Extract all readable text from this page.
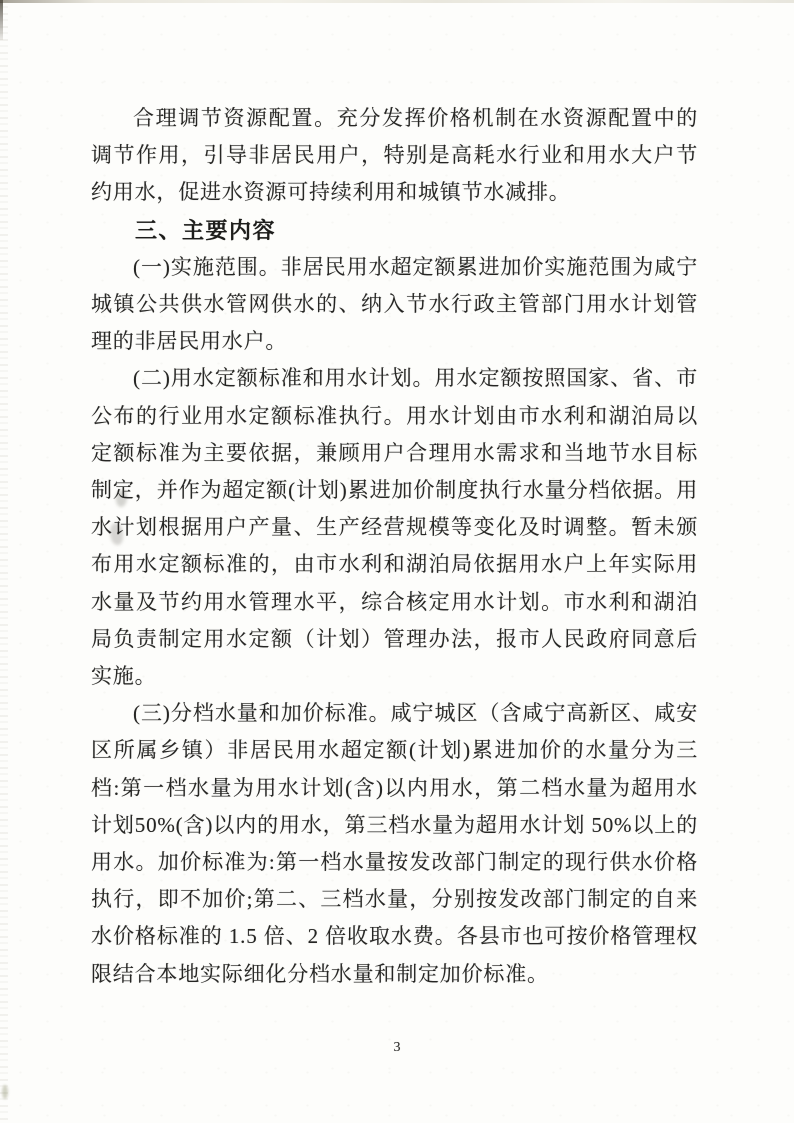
合理调节资源配置。充分发挥价格机制在水资源配置中的调节作用，引导非居民用户，特别是高耗水行业和用水大户节约用水，促进水资源可持续利用和城镇节水减排。

三、主要内容

(一)实施范围。非居民用水超定额累进加价实施范围为咸宁城镇公共供水管网供水的、纳入节水行政主管部门用水计划管理的非居民用水户。

(二)用水定额标准和用水计划。用水定额按照国家、省、市公布的行业用水定额标准执行。用水计划由市水利和湖泊局以定额标准为主要依据，兼顾用户合理用水需求和当地节水目标制定，并作为超定额(计划)累进加价制度执行水量分档依据。用水计划根据用户产量、生产经营规模等变化及时调整。暂未颁布用水定额标准的，由市水利和湖泊局依据用水户上年实际用水量及节约用水管理水平，综合核定用水计划。市水利和湖泊局负责制定用水定额（计划）管理办法，报市人民政府同意后实施。

(三)分档水量和加价标准。咸宁城区（含咸宁高新区、咸安区所属乡镇）非居民用水超定额(计划)累进加价的水量分为三档:第一档水量为用水计划(含)以内用水，第二档水量为超用水计划50%(含)以内的用水，第三档水量为超用水计划 50%以上的用水。加价标准为:第一档水量按发改部门制定的现行供水价格执行，即不加价;第二、三档水量，分别按发改部门制定的自来水价格标准的 1.5 倍、2 倍收取水费。各县市也可按价格管理权限结合本地实际细化分档水量和制定加价标准。

3
